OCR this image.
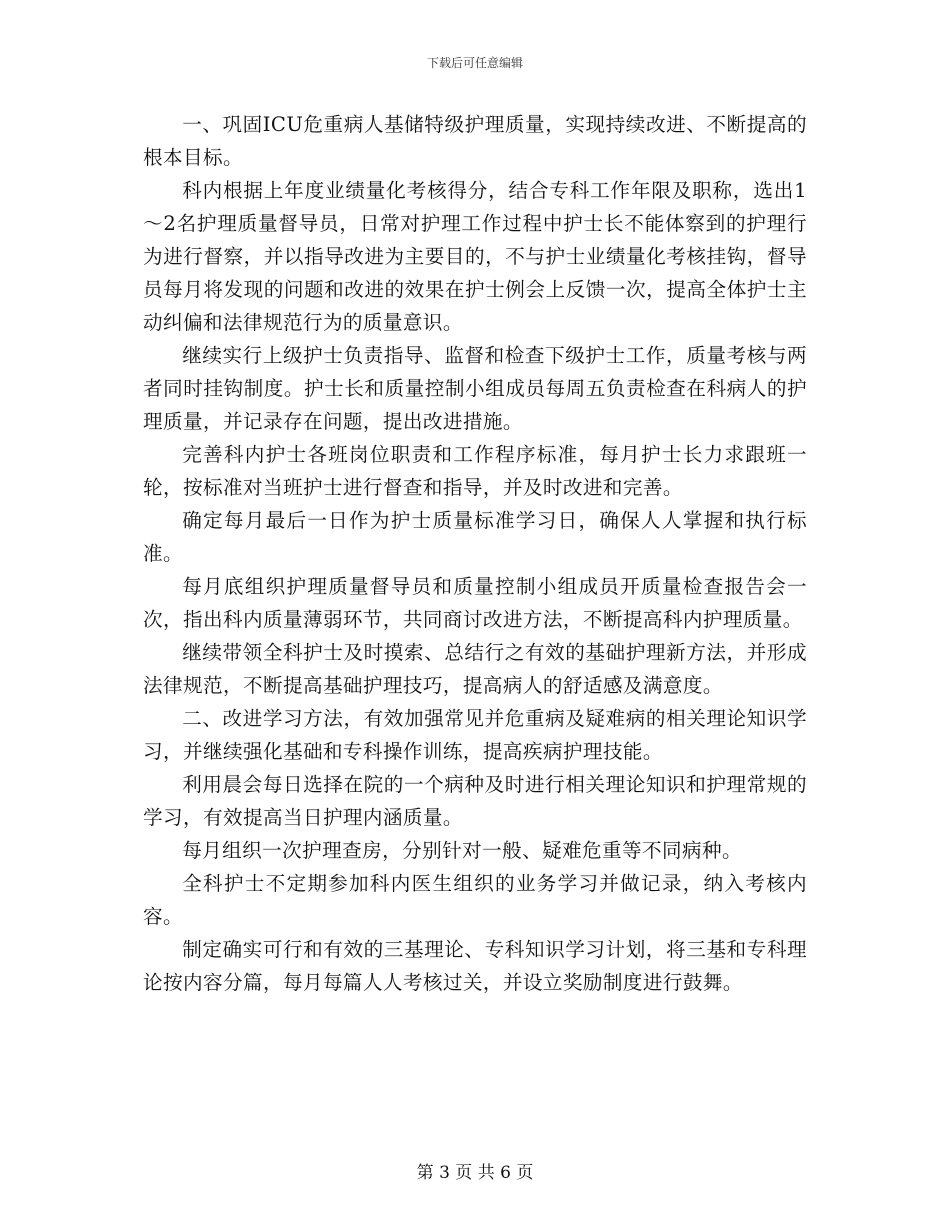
下载后可任意编辑

一、巩固ICU危重病人基储特级护理质量，实现持续改进、不断提高的根本目标。

科内根据上年度业绩量化考核得分，结合专科工作年限及职称，选出1～2名护理质量督导员，日常对护理工作过程中护士长不能体察到的护理行为进行督察，并以指导改进为主要目的，不与护士业绩量化考核挂钩，督导员每月将发现的问题和改进的效果在护士例会上反馈一次，提高全体护士主动纠偏和法律规范行为的质量意识。

继续实行上级护士负责指导、监督和检查下级护士工作，质量考核与两者同时挂钩制度。护士长和质量控制小组成员每周五负责检查在科病人的护理质量，并记录存在问题，提出改进措施。

完善科内护士各班岗位职责和工作程序标准，每月护士长力求跟班一轮，按标准对当班护士进行督查和指导，并及时改进和完善。

确定每月最后一日作为护士质量标准学习日，确保人人掌握和执行标准。

每月底组织护理质量督导员和质量控制小组成员开质量检查报告会一次，指出科内质量薄弱环节，共同商讨改进方法，不断提高科内护理质量。

继续带领全科护士及时摸索、总结行之有效的基础护理新方法，并形成法律规范，不断提高基础护理技巧，提高病人的舒适感及满意度。

二、改进学习方法，有效加强常见并危重病及疑难病的相关理论知识学习，并继续强化基础和专科操作训练，提高疾病护理技能。

利用晨会每日选择在院的一个病种及时进行相关理论知识和护理常规的学习，有效提高当日护理内涵质量。

每月组织一次护理查房，分别针对一般、疑难危重等不同病种。

全科护士不定期参加科内医生组织的业务学习并做记录，纳入考核内容。

制定确实可行和有效的三基理论、专科知识学习计划，将三基和专科理论按内容分篇，每月每篇人人考核过关，并设立奖励制度进行鼓舞。

第 3 页 共 6 页
